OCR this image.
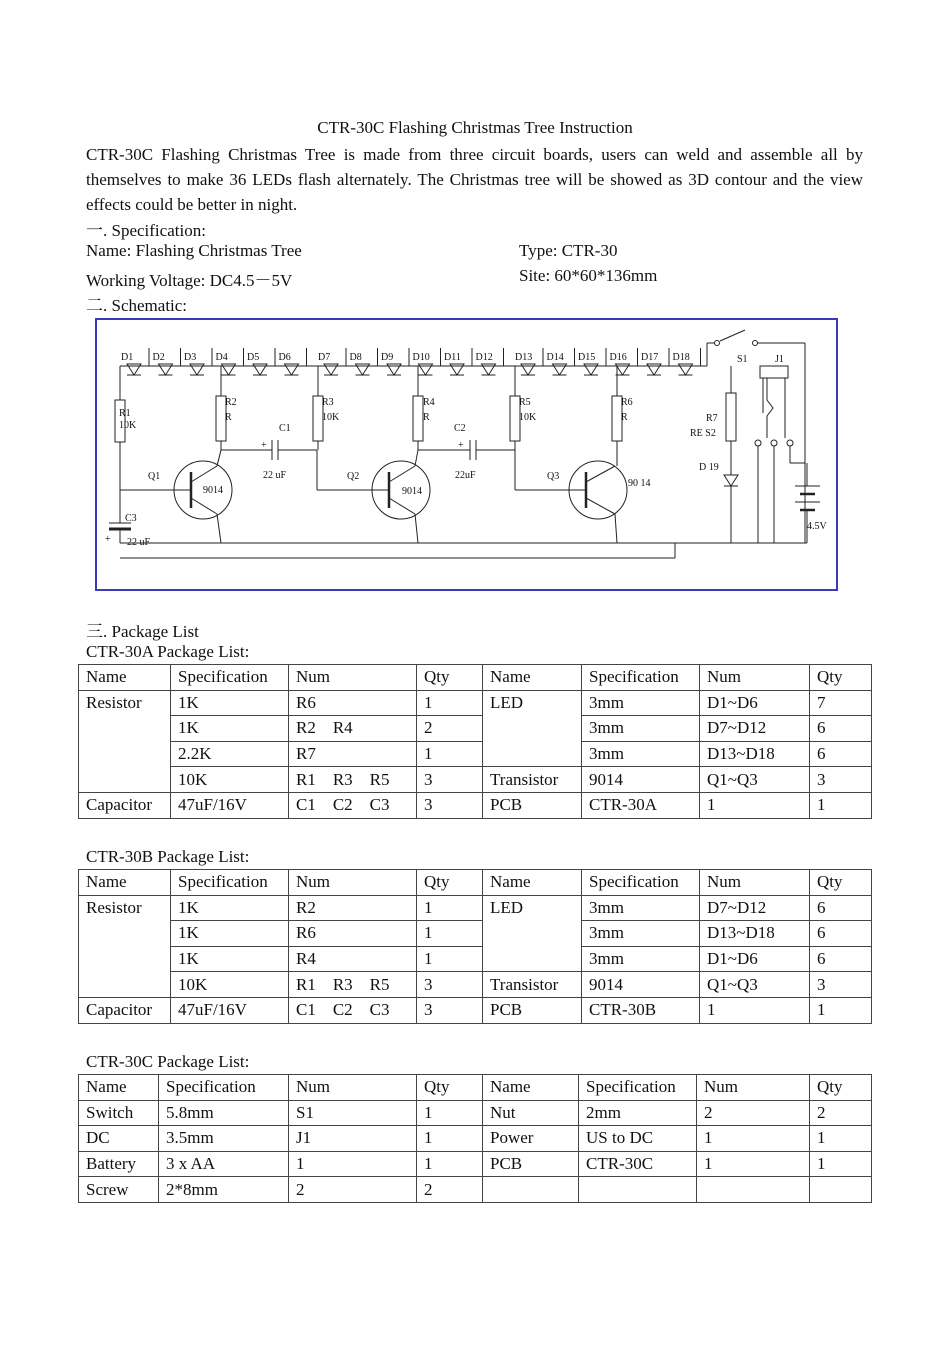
CTR-30C Flashing Christmas Tree Instruction
CTR-30C Flashing Christmas Tree is made from three circuit boards, users can weld and assemble all by themselves to make 36 LEDs flash alternately. The Christmas tree will be showed as 3D contour and the view effects could be better in night.
一. Specification:
Name: Flashing Christmas Tree	Type: CTR-30
Working Voltage: DC4.5－5V	Site: 60*60*136mm
二. Schematic:
R1
10K
R2
R
R3
10K
R4
R
R5
10K
R6
R	R7
RE S2
C1
22 uF
C2
22uF
C3
22 uF
+
+	+
Q1
9014
Q2
9014
Q3
90 14
D 19
S1	J1
4.5V
D1 D2 D3 D4 D5 D6	D7 D8 D9 D10 D11 D12 D13 D14 D15 D16 D17 D18
三. Package List
CTR-30A Package List:
Name	Specification	Num	Qty	Name	Specification	Num	Qty
Resistor	1K	R6	1	LED	3mm	D1~D6	7
	1K	R2　R4	2		3mm	D7~D12	6
	2.2K	R7	1		3mm	D13~D18	6
	10K	R1　R3　R5	3	Transistor	9014	Q1~Q3	3
Capacitor	47uF/16V	C1　C2　C3	3	PCB	CTR-30A	1	1
CTR-30B Package List:
Name	Specification	Num	Qty	Name	Specification	Num	Qty
Resistor	1K	R2	1	LED	3mm	D7~D12	6
	1K	R6	1		3mm	D13~D18	6
	1K	R4	1		3mm	D1~D6	6
	10K	R1　R3　R5	3	Transistor	9014	Q1~Q3	3
Capacitor	47uF/16V	C1　C2　C3	3	PCB	CTR-30B	1	1
CTR-30C Package List:
Name	Specification	Num	Qty	Name	Specification	Num	Qty
Switch	5.8mm	S1	1	Nut	2mm	2	2
DC	3.5mm	J1	1	Power	US to DC	1	1
Battery	3 x AA	1	1	PCB	CTR-30C	1	1
Screw	2*8mm	2	2				
